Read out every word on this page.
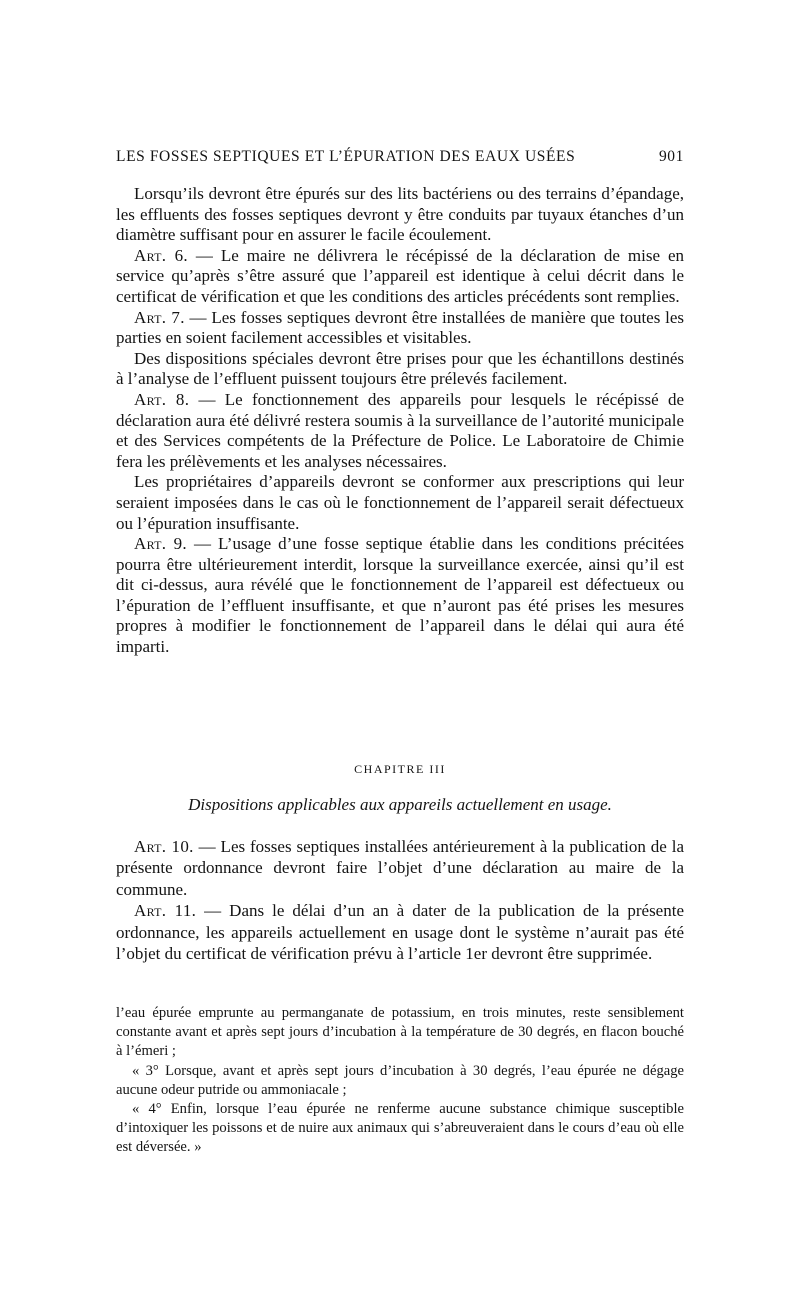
LES FOSSES SEPTIQUES ET L’ÉPURATION DES EAUX USÉES	901

Lorsqu’ils devront être épurés sur des lits bactériens ou des terrains d’épandage, les effluents des fosses septiques devront y être conduits par tuyaux étanches d’un diamètre suffisant pour en assurer le facile écoulement.

Art. 6. — Le maire ne délivrera le récépissé de la déclaration de mise en service qu’après s’être assuré que l’appareil est identique à celui décrit dans le certificat de vérification et que les conditions des articles précédents sont remplies.

Art. 7. — Les fosses septiques devront être installées de manière que toutes les parties en soient facilement accessibles et visitables.

Des dispositions spéciales devront être prises pour que les échantillons destinés à l’analyse de l’effluent puissent toujours être prélevés facilement.

Art. 8. — Le fonctionnement des appareils pour lesquels le récépissé de déclaration aura été délivré restera soumis à la surveillance de l’autorité municipale et des Services compétents de la Préfecture de Police. Le Laboratoire de Chimie fera les prélèvements et les analyses nécessaires.

Les propriétaires d’appareils devront se conformer aux prescriptions qui leur seraient imposées dans le cas où le fonctionnement de l’appareil serait défectueux ou l’épuration insuffisante.

Art. 9. — L’usage d’une fosse septique établie dans les conditions précitées pourra être ultérieurement interdit, lorsque la surveillance exercée, ainsi qu’il est dit ci-dessus, aura révélé que le fonctionnement de l’appareil est défectueux ou l’épuration de l’effluent insuffisante, et que n’auront pas été prises les mesures propres à modifier le fonctionnement de l’appareil dans le délai qui aura été imparti.

CHAPITRE III
Dispositions applicables aux appareils actuellement en usage.

Art. 10. — Les fosses septiques installées antérieurement à la publication de la présente ordonnance devront faire l’objet d’une déclaration au maire de la commune.

Art. 11. — Dans le délai d’un an à dater de la publication de la présente ordonnance, les appareils actuellement en usage dont le système n’aurait pas été l’objet du certificat de vérification prévu à l’article 1er devront être supprimée.

l’eau épurée emprunte au permanganate de potassium, en trois minutes, reste sensiblement constante avant et après sept jours d’incubation à la température de 30 degrés, en flacon bouché à l’émeri ;

« 3° Lorsque, avant et après sept jours d’incubation à 30 degrés, l’eau épurée ne dégage aucune odeur putride ou ammoniacale ;

« 4° Enfin, lorsque l’eau épurée ne renferme aucune substance chimique susceptible d’intoxiquer les poissons et de nuire aux animaux qui s’abreuveraient dans le cours d’eau où elle est déversée. »
